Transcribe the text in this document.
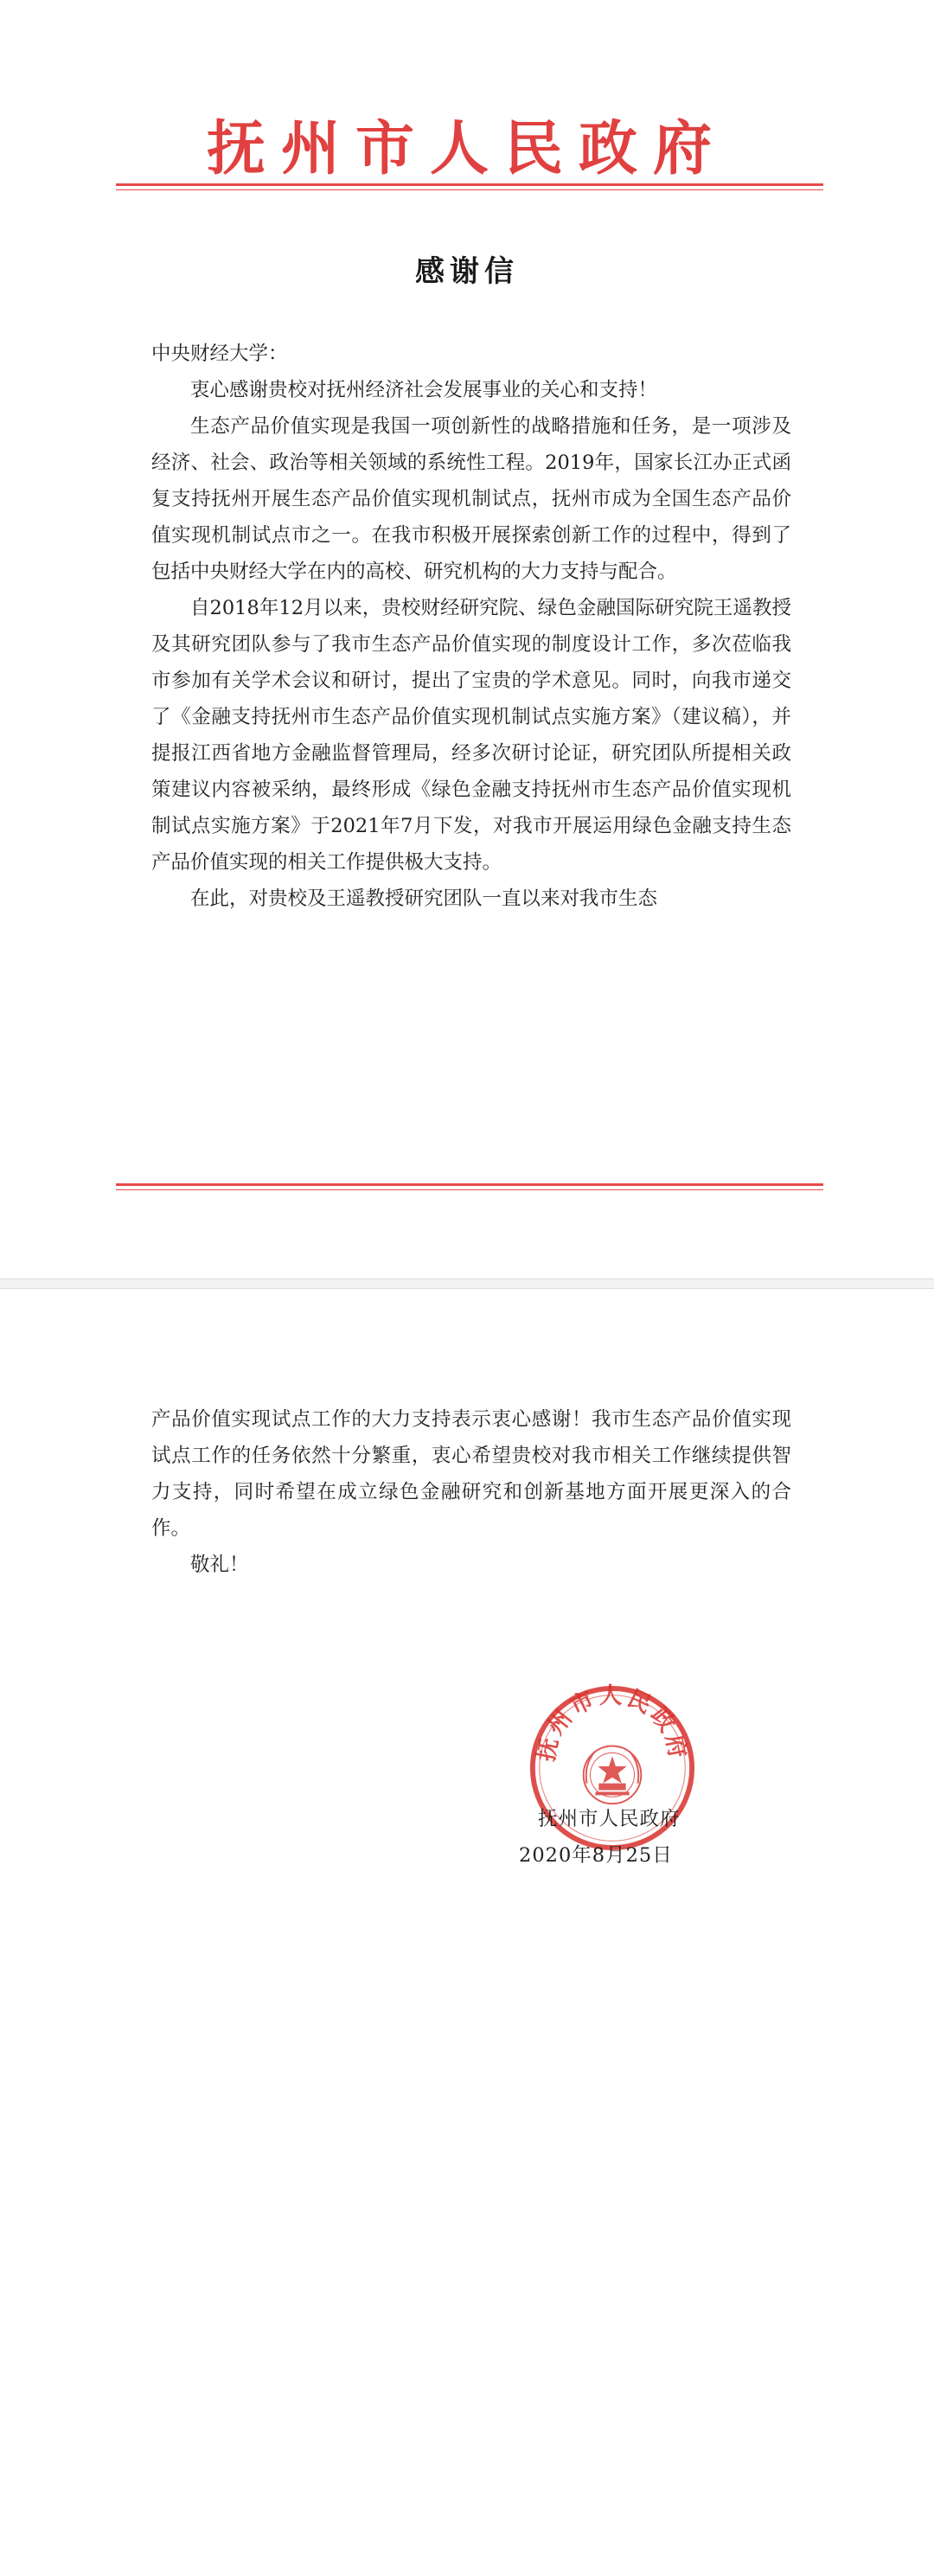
抚州市人民政府
感谢信

中央财经大学：

衷心感谢贵校对抚州经济社会发展事业的关心和支持！

生态产品价值实现是我国一项创新性的战略措施和任务，是一项涉及经济、社会、政治等相关领域的系统性工程。2019年，国家长江办正式函复支持抚州开展生态产品价值实现机制试点，抚州市成为全国生态产品价值实现机制试点市之一。在我市积极开展探索创新工作的过程中，得到了包括中央财经大学在内的高校、研究机构的大力支持与配合。

自2018年12月以来，贵校财经研究院、绿色金融国际研究院王遥教授及其研究团队参与了我市生态产品价值实现的制度设计工作，多次莅临我市参加有关学术会议和研讨，提出了宝贵的学术意见。同时，向我市递交了《金融支持抚州市生态产品价值实现机制试点实施方案》（建议稿），并提报江西省地方金融监督管理局，经多次研讨论证，研究团队所提相关政策建议内容被采纳，最终形成《绿色金融支持抚州市生态产品价值实现机制试点实施方案》于2021年7月下发，对我市开展运用绿色金融支持生态产品价值实现的相关工作提供极大支持。

在此，对贵校及王遥教授研究团队一直以来对我市生态

产品价值实现试点工作的大力支持表示衷心感谢！我市生态产品价值实现试点工作的任务依然十分繁重，衷心希望贵校对我市相关工作继续提供智力支持，同时希望在成立绿色金融研究和创新基地方面开展更深入的合作。

敬礼！

抚州市人民政府
抚州市人民政府
2020年8月25日
